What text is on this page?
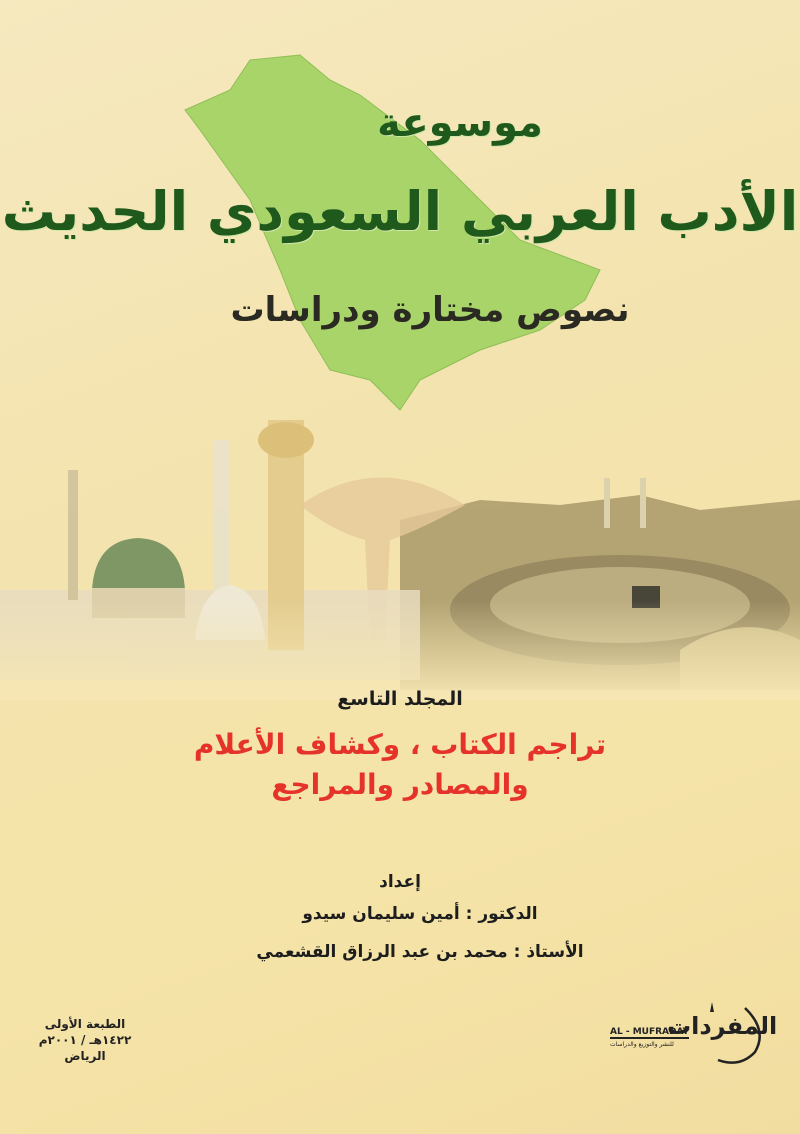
موسوعة
الأدب العربي السعودي الحديث
نصوص مختارة ودراسات
المجلد التاسع
تراجم الكتاب ، وكشاف الأعلام
والمصادر والمراجع
إعداد
الدكتور : أمين سليمان سيدو
الأستاذ : محمد بن عبد الرزاق القشعمي
الطبعة الأولى
١٤٢٢هـ / ٢٠٠١م
الرياض
المفردات
AL - MUFRADAT
للنشر والتوزيع والدراسات
